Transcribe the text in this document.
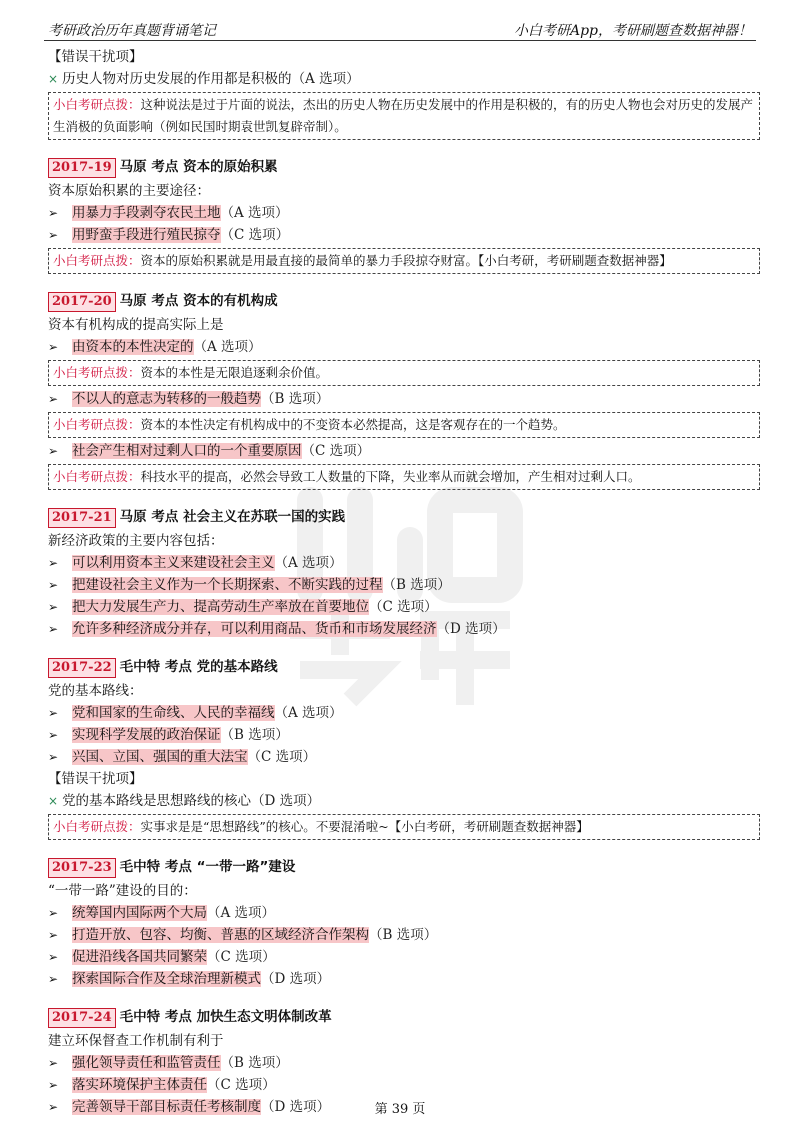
考研政治历年真题背诵笔记	小白考研App，考研刷题查数据神器！
【错误干扰项】
× 历史人物对历史发展的作用都是积极的（A 选项）
小白考研点拨：这种说法是过于片面的说法，杰出的历史人物在历史发展中的作用是积极的，有的历史人物也会对历史的发展产生消极的负面影响（例如民国时期袁世凯复辟帝制）。
2017-19 马原 考点 资本的原始积累
资本原始积累的主要途径：
➢ 用暴力手段剥夺农民土地（A 选项）
➢ 用野蛮手段进行殖民掠夺（C 选项）
小白考研点拨：资本的原始积累就是用最直接的最简单的暴力手段掠夺财富。【小白考研，考研刷题查数据神器】
2017-20 马原 考点 资本的有机构成
资本有机构成的提高实际上是
➢ 由资本的本性决定的（A 选项）
小白考研点拨：资本的本性是无限追逐剩余价值。
➢ 不以人的意志为转移的一般趋势（B 选项）
小白考研点拨：资本的本性决定有机构成中的不变资本必然提高，这是客观存在的一个趋势。
➢ 社会产生相对过剩人口的一个重要原因（C 选项）
小白考研点拨：科技水平的提高，必然会导致工人数量的下降，失业率从而就会增加，产生相对过剩人口。
2017-21 马原 考点 社会主义在苏联一国的实践
新经济政策的主要内容包括：
➢ 可以利用资本主义来建设社会主义（A 选项）
➢ 把建设社会主义作为一个长期探索、不断实践的过程（B 选项）
➢ 把大力发展生产力、提高劳动生产率放在首要地位（C 选项）
➢ 允许多种经济成分并存，可以利用商品、货币和市场发展经济（D 选项）
2017-22 毛中特 考点 党的基本路线
党的基本路线：
➢ 党和国家的生命线、人民的幸福线（A 选项）
➢ 实现科学发展的政治保证（B 选项）
➢ 兴国、立国、强国的重大法宝（C 选项）
【错误干扰项】
× 党的基本路线是思想路线的核心（D 选项）
小白考研点拨：实事求是是“思想路线”的核心。不要混淆啦~【小白考研，考研刷题查数据神器】
2017-23 毛中特 考点 “一带一路”建设
“一带一路”建设的目的：
➢ 统筹国内国际两个大局（A 选项）
➢ 打造开放、包容、均衡、普惠的区域经济合作架构（B 选项）
➢ 促进沿线各国共同繁荣（C 选项）
➢ 探索国际合作及全球治理新模式（D 选项）
2017-24 毛中特 考点 加快生态文明体制改革
建立环保督查工作机制有利于
➢ 强化领导责任和监管责任（B 选项）
➢ 落实环境保护主体责任（C 选项）
➢ 完善领导干部目标责任考核制度（D 选项）	第 39 页
